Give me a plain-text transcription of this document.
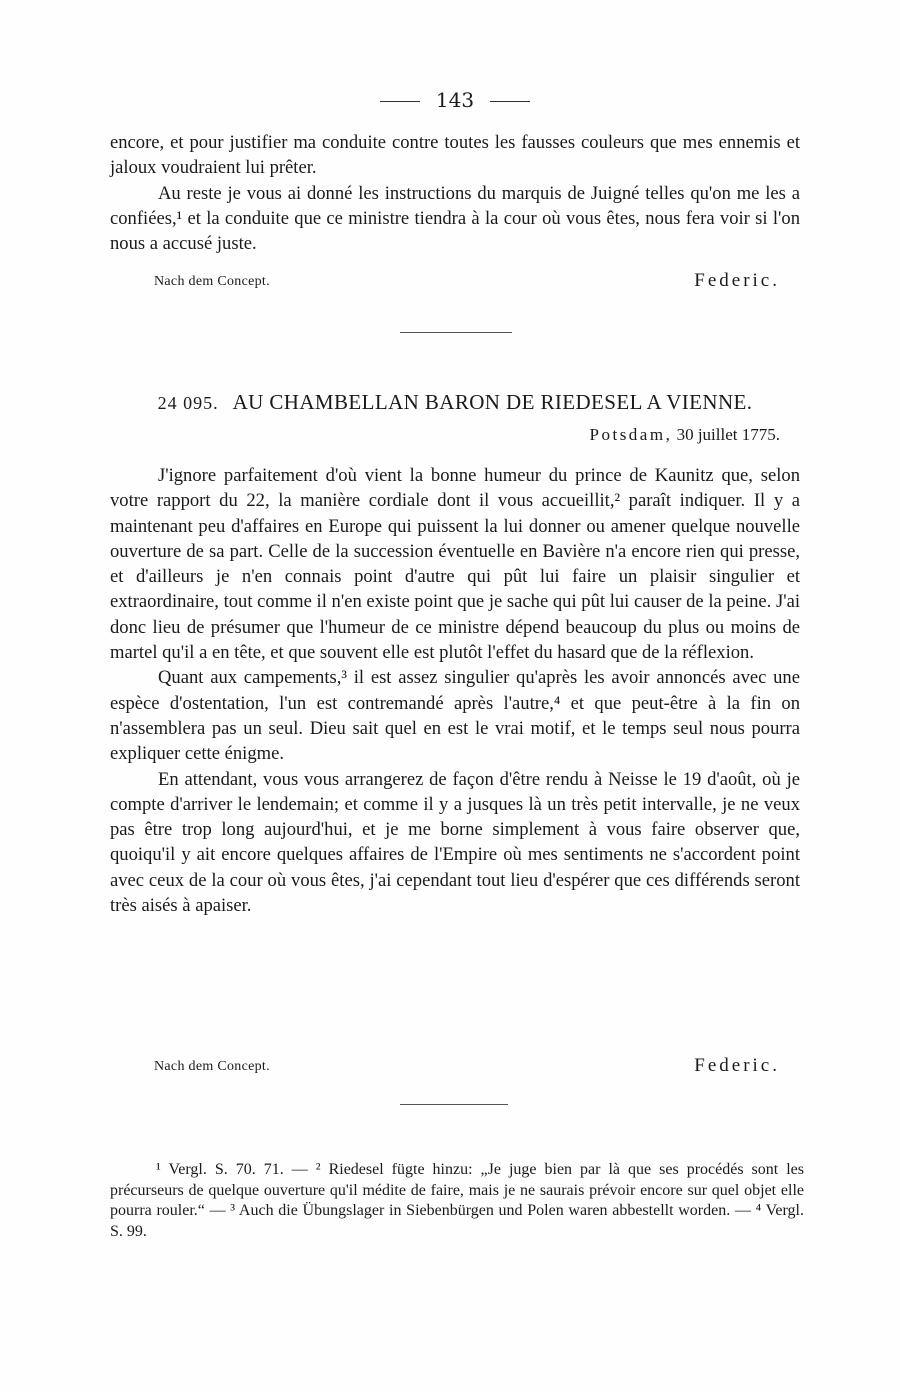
143

encore, et pour justifier ma conduite contre toutes les fausses couleurs que mes ennemis et jaloux voudraient lui prêter.

Au reste je vous ai donné les instructions du marquis de Juigné telles qu'on me les a confiées,¹ et la conduite que ce ministre tiendra à la cour où vous êtes, nous fera voir si l'on nous a accusé juste.

Nach dem Concept.	Federic.
24 095. AU CHAMBELLAN BARON DE RIEDESEL A VIENNE.
Potsdam, 30 juillet 1775.

J'ignore parfaitement d'où vient la bonne humeur du prince de Kaunitz que, selon votre rapport du 22, la manière cordiale dont il vous accueillit,² paraît indiquer. Il y a maintenant peu d'affaires en Europe qui puissent la lui donner ou amener quelque nouvelle ouverture de sa part. Celle de la succession éventuelle en Bavière n'a encore rien qui presse, et d'ailleurs je n'en connais point d'autre qui pût lui faire un plaisir singulier et extraordinaire, tout comme il n'en existe point que je sache qui pût lui causer de la peine. J'ai donc lieu de présumer que l'humeur de ce ministre dépend beaucoup du plus ou moins de martel qu'il a en tête, et que souvent elle est plutôt l'effet du hasard que de la réflexion.

Quant aux campements,³ il est assez singulier qu'après les avoir annoncés avec une espèce d'ostentation, l'un est contremandé après l'autre,⁴ et que peut-être à la fin on n'assemblera pas un seul. Dieu sait quel en est le vrai motif, et le temps seul nous pourra expliquer cette énigme.

En attendant, vous vous arrangerez de façon d'être rendu à Neisse le 19 d'août, où je compte d'arriver le lendemain; et comme il y a jusques là un très petit intervalle, je ne veux pas être trop long aujourd'hui, et je me borne simplement à vous faire observer que, quoiqu'il y ait encore quelques affaires de l'Empire où mes sentiments ne s'accordent point avec ceux de la cour où vous êtes, j'ai cependant tout lieu d'espérer que ces différends seront très aisés à apaiser.

Nach dem Concept.	Federic.

¹ Vergl. S. 70. 71. — ² Riedesel fügte hinzu: „Je juge bien par là que ses procédés sont les précurseurs de quelque ouverture qu'il médite de faire, mais je ne saurais prévoir encore sur quel objet elle pourra rouler.“ — ³ Auch die Übungslager in Siebenbürgen und Polen waren abbestellt worden. — ⁴ Vergl. S. 99.
